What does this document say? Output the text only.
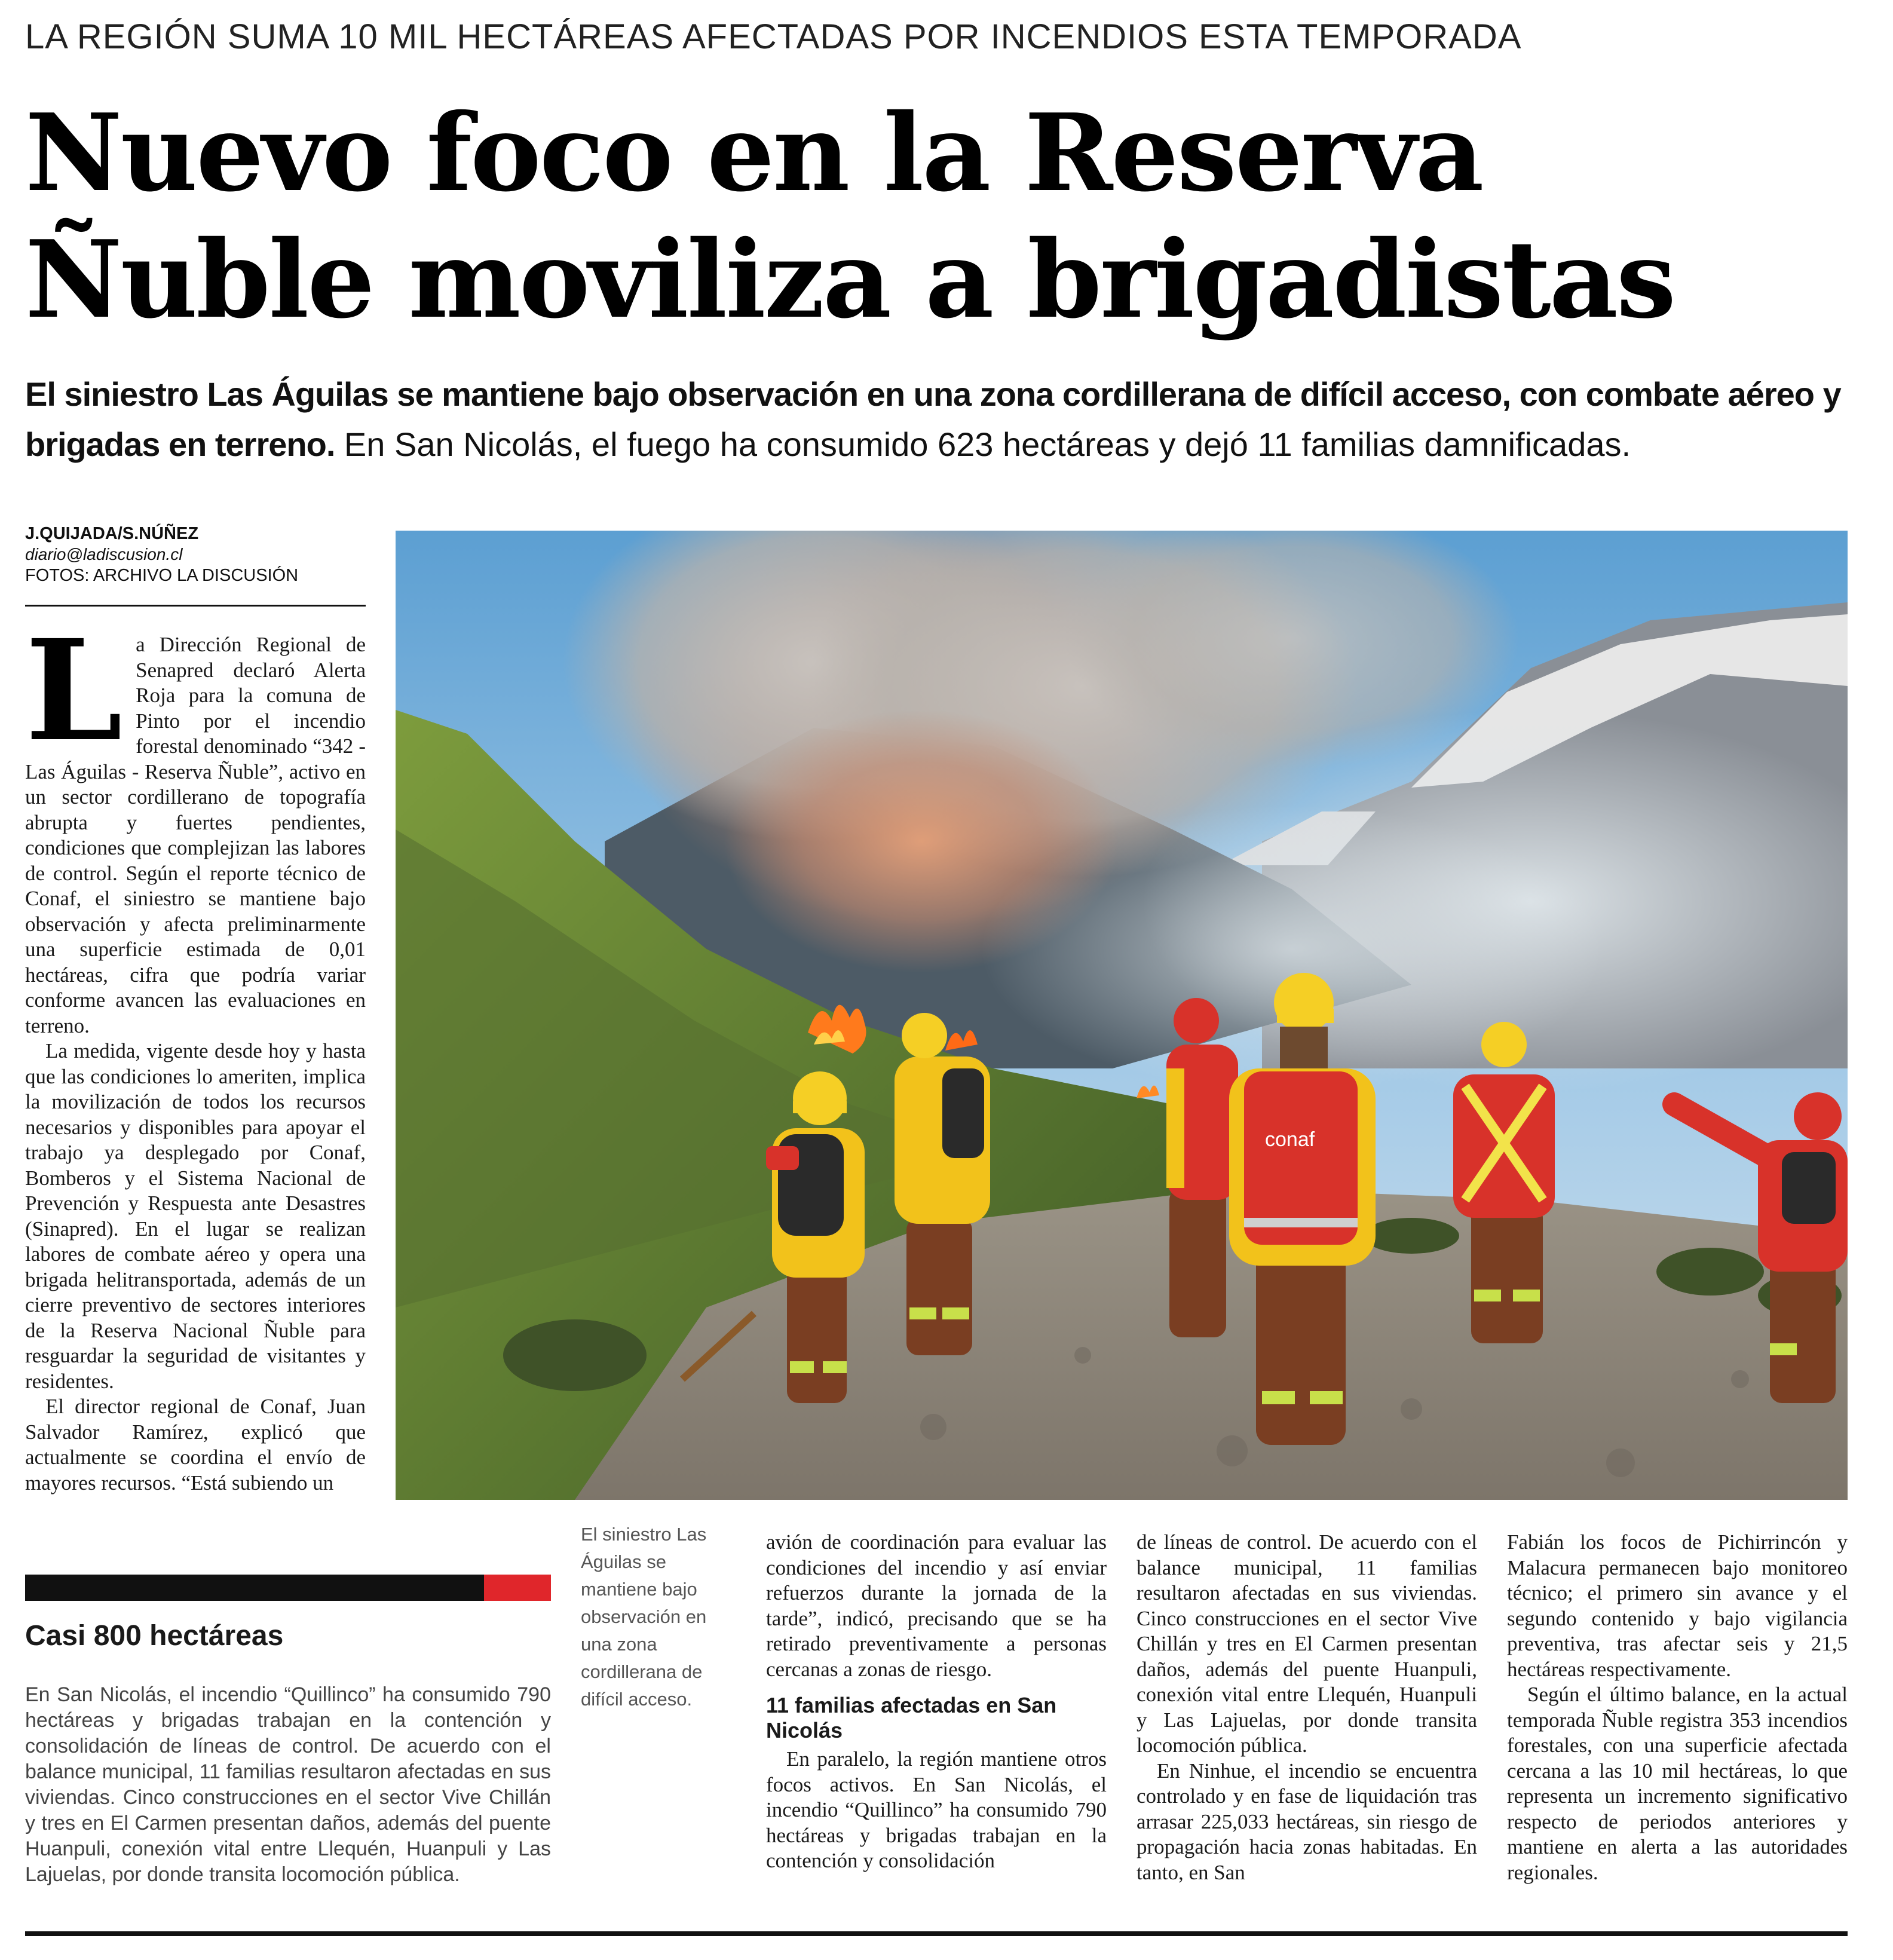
LA REGIÓN SUMA 10 MIL HECTÁREAS AFECTADAS POR INCENDIOS ESTA TEMPORADA
Nuevo foco en la Reserva
Ñuble moviliza a brigadistas
El siniestro Las Águilas se mantiene bajo observación en una zona cordillerana de difícil acceso, con combate aéreo y brigadas en terreno. En San Nicolás, el fuego ha consumido 623 hectáreas y dejó 11 familias damnificadas.
J.QUIJADA/S.NÚÑEZ
diario@ladiscusion.cl
FOTOS: ARCHIVO LA DISCUSIÓN
conaf

La Dirección Regional de Senapred declaró Alerta Roja para la comuna de Pinto por el incendio forestal denominado “342 - Las Águilas - Reserva Ñuble”, activo en un sector cordillerano de topografía abrupta y fuertes pendientes, condiciones que complejizan las labores de control. Según el reporte técnico de Conaf, el siniestro se mantiene bajo observación y afecta preliminarmente una superficie estimada de 0,01 hectáreas, cifra que podría variar conforme avancen las evaluaciones en terreno.

La medida, vigente desde hoy y hasta que las condiciones lo ameriten, implica la movilización de todos los recursos necesarios y disponibles para apoyar el trabajo ya desplegado por Conaf, Bomberos y el Sistema Nacional de Prevención y Respuesta ante Desastres (Sinapred). En el lugar se realizan labores de combate aéreo y opera una brigada helitransportada, además de un cierre preventivo de sectores interiores de la Reserva Nacional Ñuble para resguardar la seguridad de visitantes y residentes.

El director regional de Conaf, Juan Salvador Ramírez, explicó que actualmente se coordina el envío de mayores recursos. “Está subiendo un

Casi 800 hectáreas
En San Nicolás, el incendio “Quillinco” ha consumido 790 hectáreas y brigadas trabajan en la contención y consolidación de líneas de control. De acuerdo con el balance municipal, 11 familias resultaron afectadas en sus viviendas. Cinco construcciones en el sector Vive Chillán y tres en El Carmen presentan daños, además del puente Huanpuli, conexión vital entre Llequén, Huanpuli y Las Lajuelas, por donde transita locomoción pública.
El siniestro Las Águilas se mantiene bajo observación en una zona cordillerana de difícil acceso.

avión de coordinación para evaluar las condiciones del incendio y así enviar refuerzos durante la jornada de la tarde”, indicó, precisando que se ha retirado preventivamente a personas cercanas a zonas de riesgo.

11 familias afectadas en San Nicolás

En paralelo, la región mantiene otros focos activos. En San Nicolás, el incendio “Quillinco” ha consumido 790 hectáreas y brigadas trabajan en la contención y consolidación

de líneas de control. De acuerdo con el balance municipal, 11 familias resultaron afectadas en sus viviendas. Cinco construcciones en el sector Vive Chillán y tres en El Carmen presentan daños, además del puente Huanpuli, conexión vital entre Llequén, Huanpuli y Las Lajuelas, por donde transita locomoción pública.

En Ninhue, el incendio se encuentra controlado y en fase de liquidación tras arrasar 225,033 hectáreas, sin riesgo de propagación hacia zonas habitadas. En tanto, en San

Fabián los focos de Pichirrincón y Malacura permanecen bajo monitoreo técnico; el primero sin avance y el segundo contenido y bajo vigilancia preventiva, tras afectar seis y 21,5 hectáreas respectivamente.

Según el último balance, en la actual temporada Ñuble registra 353 incendios forestales, con una superficie afectada cercana a las 10 mil hectáreas, lo que representa un incremento significativo respecto de periodos anteriores y mantiene en alerta a las autoridades regionales.
